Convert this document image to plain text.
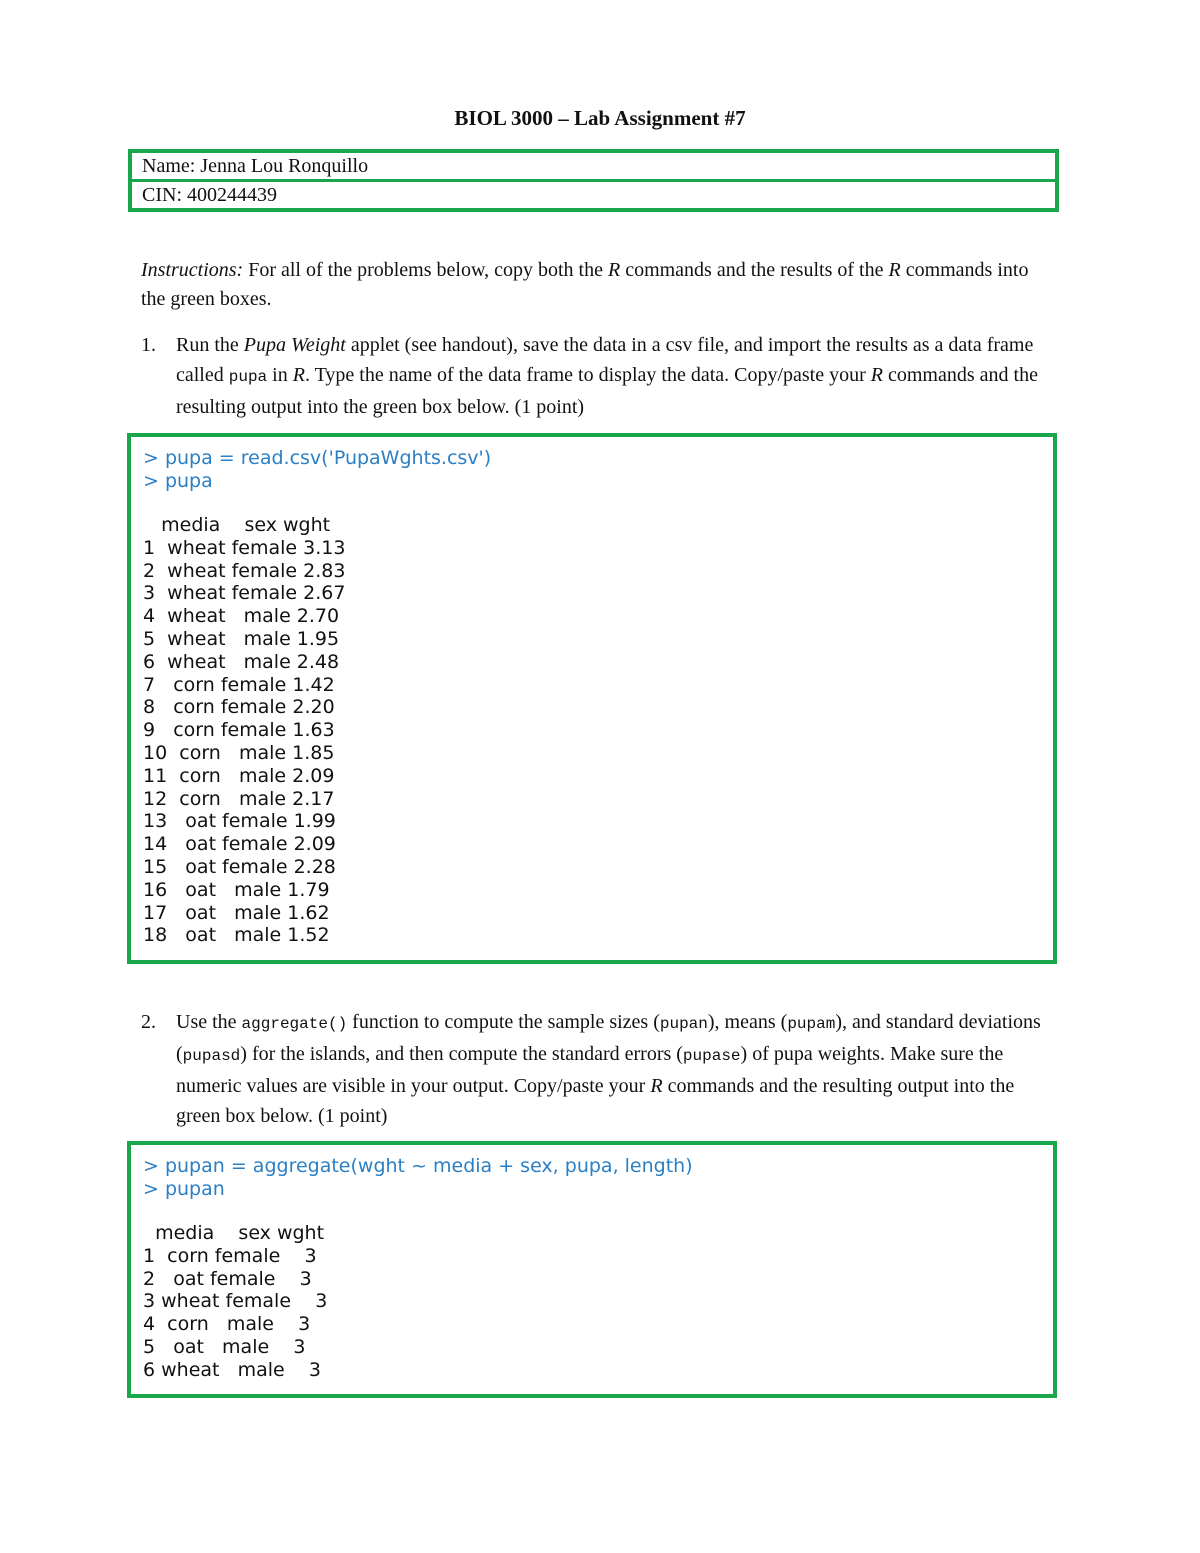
BIOL 3000 – Lab Assignment #7
Name: Jenna Lou Ronquillo
CIN: 400244439
Instructions: For all of the problems below, copy both the R commands and the results of the R commands into the green boxes.
1. Run the Pupa Weight applet (see handout), save the data in a csv file, and import the results as a data frame called pupa in R. Type the name of the data frame to display the data. Copy/paste your R commands and the resulting output into the green box below. (1 point)
> pupa = read.csv('PupaWghts.csv')
> pupa
media    sex wght
1  wheat female 3.13
2  wheat female 2.83
3  wheat female 2.67
4  wheat   male 2.70
5  wheat   male 1.95
6  wheat   male 2.48
7   corn female 1.42
8   corn female 2.20
9   corn female 1.63
10  corn   male 1.85
11  corn   male 2.09
12  corn   male 2.17
13   oat female 1.99
14   oat female 2.09
15   oat female 2.28
16   oat   male 1.79
17   oat   male 1.62
18   oat   male 1.52
2. Use the aggregate() function to compute the sample sizes (pupan), means (pupam), and standard deviations (pupasd) for the islands, and then compute the standard errors (pupase) of pupa weights. Make sure the numeric values are visible in your output. Copy/paste your R commands and the resulting output into the green box below. (1 point)
> pupan = aggregate(wght ~ media + sex, pupa, length)
> pupan
media    sex wght
1  corn female    3
2   oat female    3
3 wheat female    3
4  corn   male    3
5   oat   male    3
6 wheat   male    3
